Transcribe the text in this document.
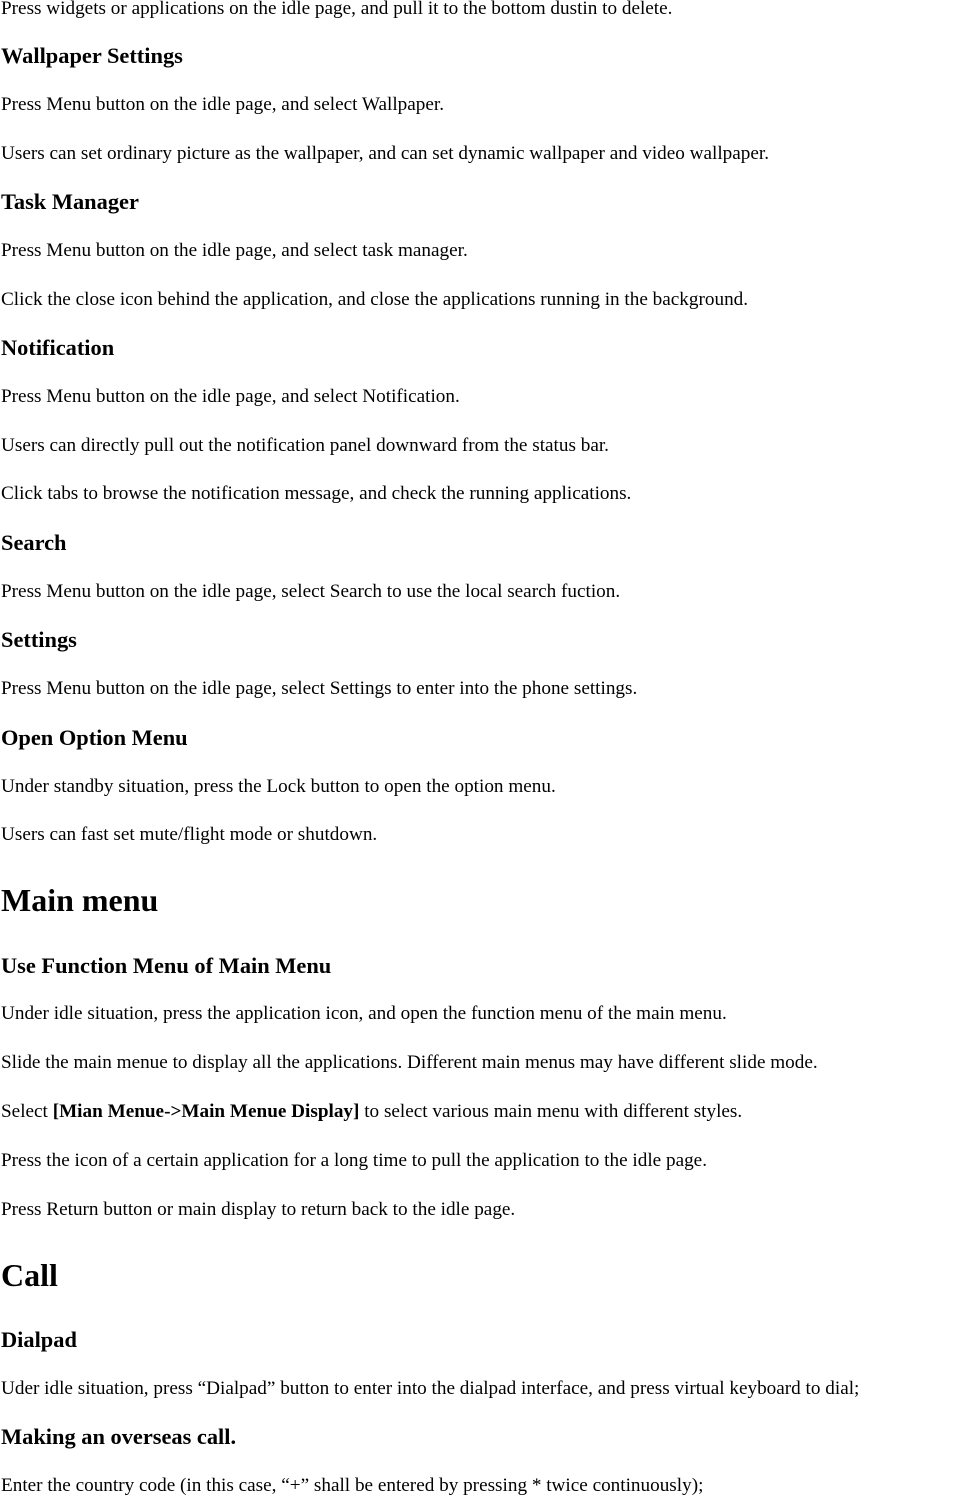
Press widgets or applications on the idle page, and pull it to the bottom dustin to delete.
Wallpaper Settings
Press Menu button on the idle page, and select Wallpaper.
Users can set ordinary picture as the wallpaper, and can set dynamic wallpaper and video wallpaper.
Task Manager
Press Menu button on the idle page, and select task manager.
Click the close icon behind the application, and close the applications running in the background.
Notification
Press Menu button on the idle page, and select Notification.
Users can directly pull out the notification panel downward from the status bar.
Click tabs to browse the notification message, and check the running applications.
Search
Press Menu button on the idle page, select Search to use the local search fuction.
Settings
Press Menu button on the idle page, select Settings to enter into the phone settings.
Open Option Menu
Under standby situation, press the Lock button to open the option menu.
Users can fast set mute/flight mode or shutdown.
Main menu
Use Function Menu of Main Menu
Under idle situation, press the application icon, and open the function menu of the main menu.
Slide the main menue to display all the applications. Different main menus may have different slide mode.
Select [Mian Menue->Main Menue Display] to select various main menu with different styles.
Press the icon of a certain application for a long time to pull the application to the idle page.
Press Return button or main display to return back to the idle page.
Call
Dialpad
Uder idle situation, press “Dialpad” button to enter into the dialpad interface, and press virtual keyboard to dial;
Making an overseas call.
Enter the country code (in this case, “+” shall be entered by pressing * twice continuously);
